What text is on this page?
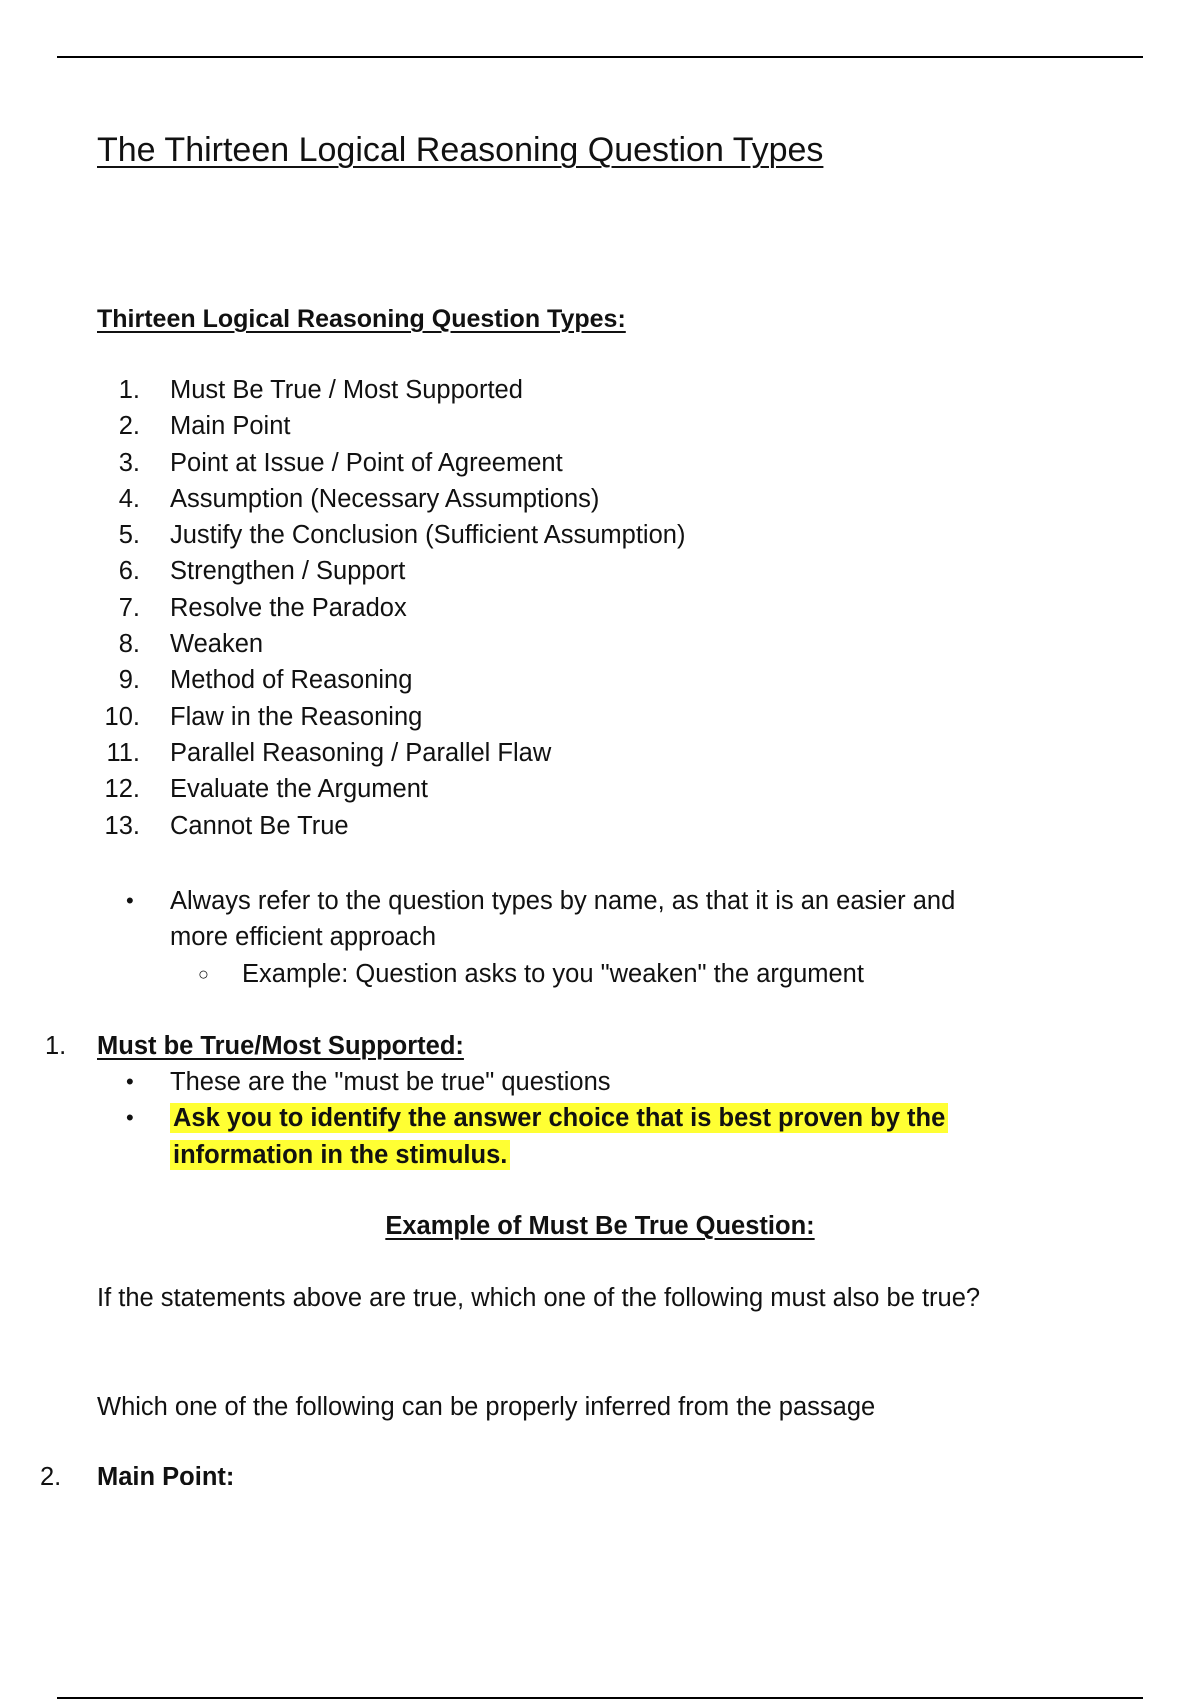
The Thirteen Logical Reasoning Question Types
Thirteen Logical Reasoning Question Types:
1. Must Be True / Most Supported
2. Main Point
3. Point at Issue / Point of Agreement
4. Assumption (Necessary Assumptions)
5. Justify the Conclusion (Sufficient Assumption)
6. Strengthen / Support
7. Resolve the Paradox
8. Weaken
9. Method of Reasoning
10. Flaw in the Reasoning
11. Parallel Reasoning / Parallel Flaw
12. Evaluate the Argument
13. Cannot Be True
• Always refer to the question types by name, as that it is an easier and more efficient approach
○ Example: Question asks to you "weaken" the argument
1. Must be True/Most Supported:
• These are the "must be true" questions
• Ask you to identify the answer choice that is best proven by the information in the stimulus.
Example of Must Be True Question:
If the statements above are true, which one of the following must also be true?
Which one of the following can be properly inferred from the passage
2. Main Point:
